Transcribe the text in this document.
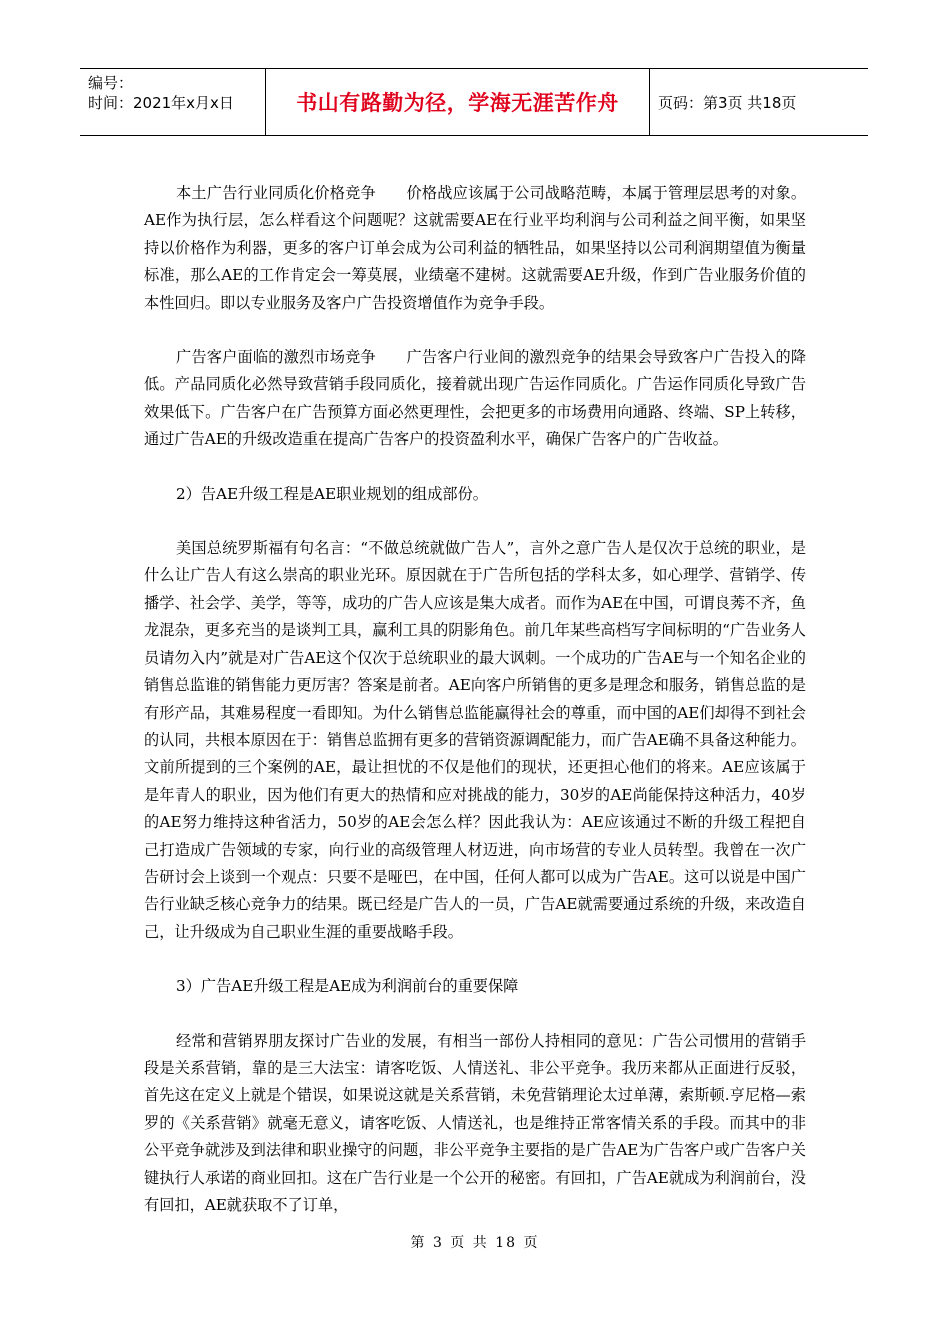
编号：
时间：2021年x月x日	书山有路勤为径，学海无涯苦作舟	页码：第3页 共18页

本土广告行业同质化价格竞争　　价格战应该属于公司战略范畴，本属于管理层思考的对象。AE作为执行层，怎么样看这个问题呢？这就需要AE在行业平均利润与公司利益之间平衡，如果坚持以价格作为利器，更多的客户订单会成为公司利益的牺牲品，如果坚持以公司利润期望值为衡量标准，那么AE的工作肯定会一筹莫展，业绩毫不建树。这就需要AE升级，作到广告业服务价值的本性回归。即以专业服务及客户广告投资增值作为竞争手段。

广告客户面临的激烈市场竞争　　广告客户行业间的激烈竞争的结果会导致客户广告投入的降低。产品同质化必然导致营销手段同质化，接着就出现广告运作同质化。广告运作同质化导致广告效果低下。广告客户在广告预算方面必然更理性，会把更多的市场费用向通路、终端、SP上转移，通过广告AE的升级改造重在提高广告客户的投资盈利水平，确保广告客户的广告收益。

2）告AE升级工程是AE职业规划的组成部份。

美国总统罗斯福有句名言：“不做总统就做广告人”，言外之意广告人是仅次于总统的职业，是什么让广告人有这么崇高的职业光环。原因就在于广告所包括的学科太多，如心理学、营销学、传播学、社会学、美学，等等，成功的广告人应该是集大成者。而作为AE在中国，可谓良莠不齐，鱼龙混杂，更多充当的是谈判工具，赢利工具的阴影角色。前几年某些高档写字间标明的“广告业务人员请勿入内”就是对广告AE这个仅次于总统职业的最大讽刺。一个成功的广告AE与一个知名企业的销售总监谁的销售能力更厉害？答案是前者。AE向客户所销售的更多是理念和服务，销售总监的是有形产品，其难易程度一看即知。为什么销售总监能赢得社会的尊重，而中国的AE们却得不到社会的认同，共根本原因在于：销售总监拥有更多的营销资源调配能力，而广告AE确不具备这种能力。文前所提到的三个案例的AE，最让担忧的不仅是他们的现状，还更担心他们的将来。AE应该属于是年青人的职业，因为他们有更大的热情和应对挑战的能力，30岁的AE尚能保持这种活力，40岁的AE努力维持这种省活力，50岁的AE会怎么样？因此我认为：AE应该通过不断的升级工程把自己打造成广告领域的专家，向行业的高级管理人材迈进，向市场营的专业人员转型。我曾在一次广告研讨会上谈到一个观点：只要不是哑巴，在中国，任何人都可以成为广告AE。这可以说是中国广告行业缺乏核心竞争力的结果。既已经是广告人的一员，广告AE就需要通过系统的升级，来改造自己，让升级成为自己职业生涯的重要战略手段。

3）广告AE升级工程是AE成为利润前台的重要保障

经常和营销界朋友探讨广告业的发展，有相当一部份人持相同的意见：广告公司惯用的营销手段是关系营销，靠的是三大法宝：请客吃饭、人情送礼、非公平竞争。我历来都从正面进行反驳，首先这在定义上就是个错误，如果说这就是关系营销，未免营销理论太过单薄，索斯顿.亨尼格—索罗的《关系营销》就毫无意义，请客吃饭、人情送礼，也是维持正常客情关系的手段。而其中的非公平竞争就涉及到法律和职业操守的问题，非公平竞争主要指的是广告AE为广告客户或广告客户关键执行人承诺的商业回扣。这在广告行业是一个公开的秘密。有回扣，广告AE就成为利润前台，没有回扣，AE就获取不了订单，

第 3 页 共 18 页
